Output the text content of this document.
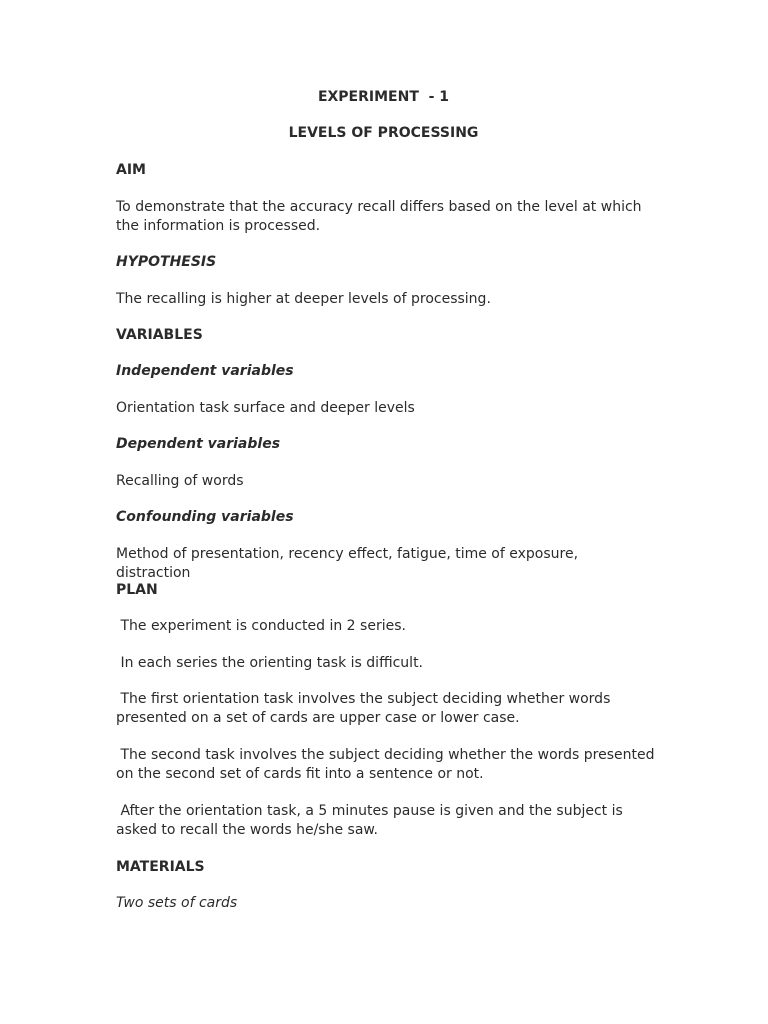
EXPERIMENT  - 1

LEVELS OF PROCESSING

AIM

To demonstrate that the accuracy recall differs based on the level at which the information is processed.

HYPOTHESIS

The recalling is higher at deeper levels of processing.

VARIABLES

Independent variables

Orientation task surface and deeper levels

Dependent variables

Recalling of words

Confounding variables

Method of presentation, recency effect, fatigue, time of exposure, distraction

PLAN

The experiment is conducted in 2 series.

In each series the orienting task is difficult.

The first orientation task involves the subject deciding whether words presented on a set of cards are upper case or lower case.

The second task involves the subject deciding whether the words presented on the second set of cards fit into a sentence or not.

After the orientation task, a 5 minutes pause is given and the subject is asked to recall the words he/she saw.

MATERIALS

Two sets of cards
